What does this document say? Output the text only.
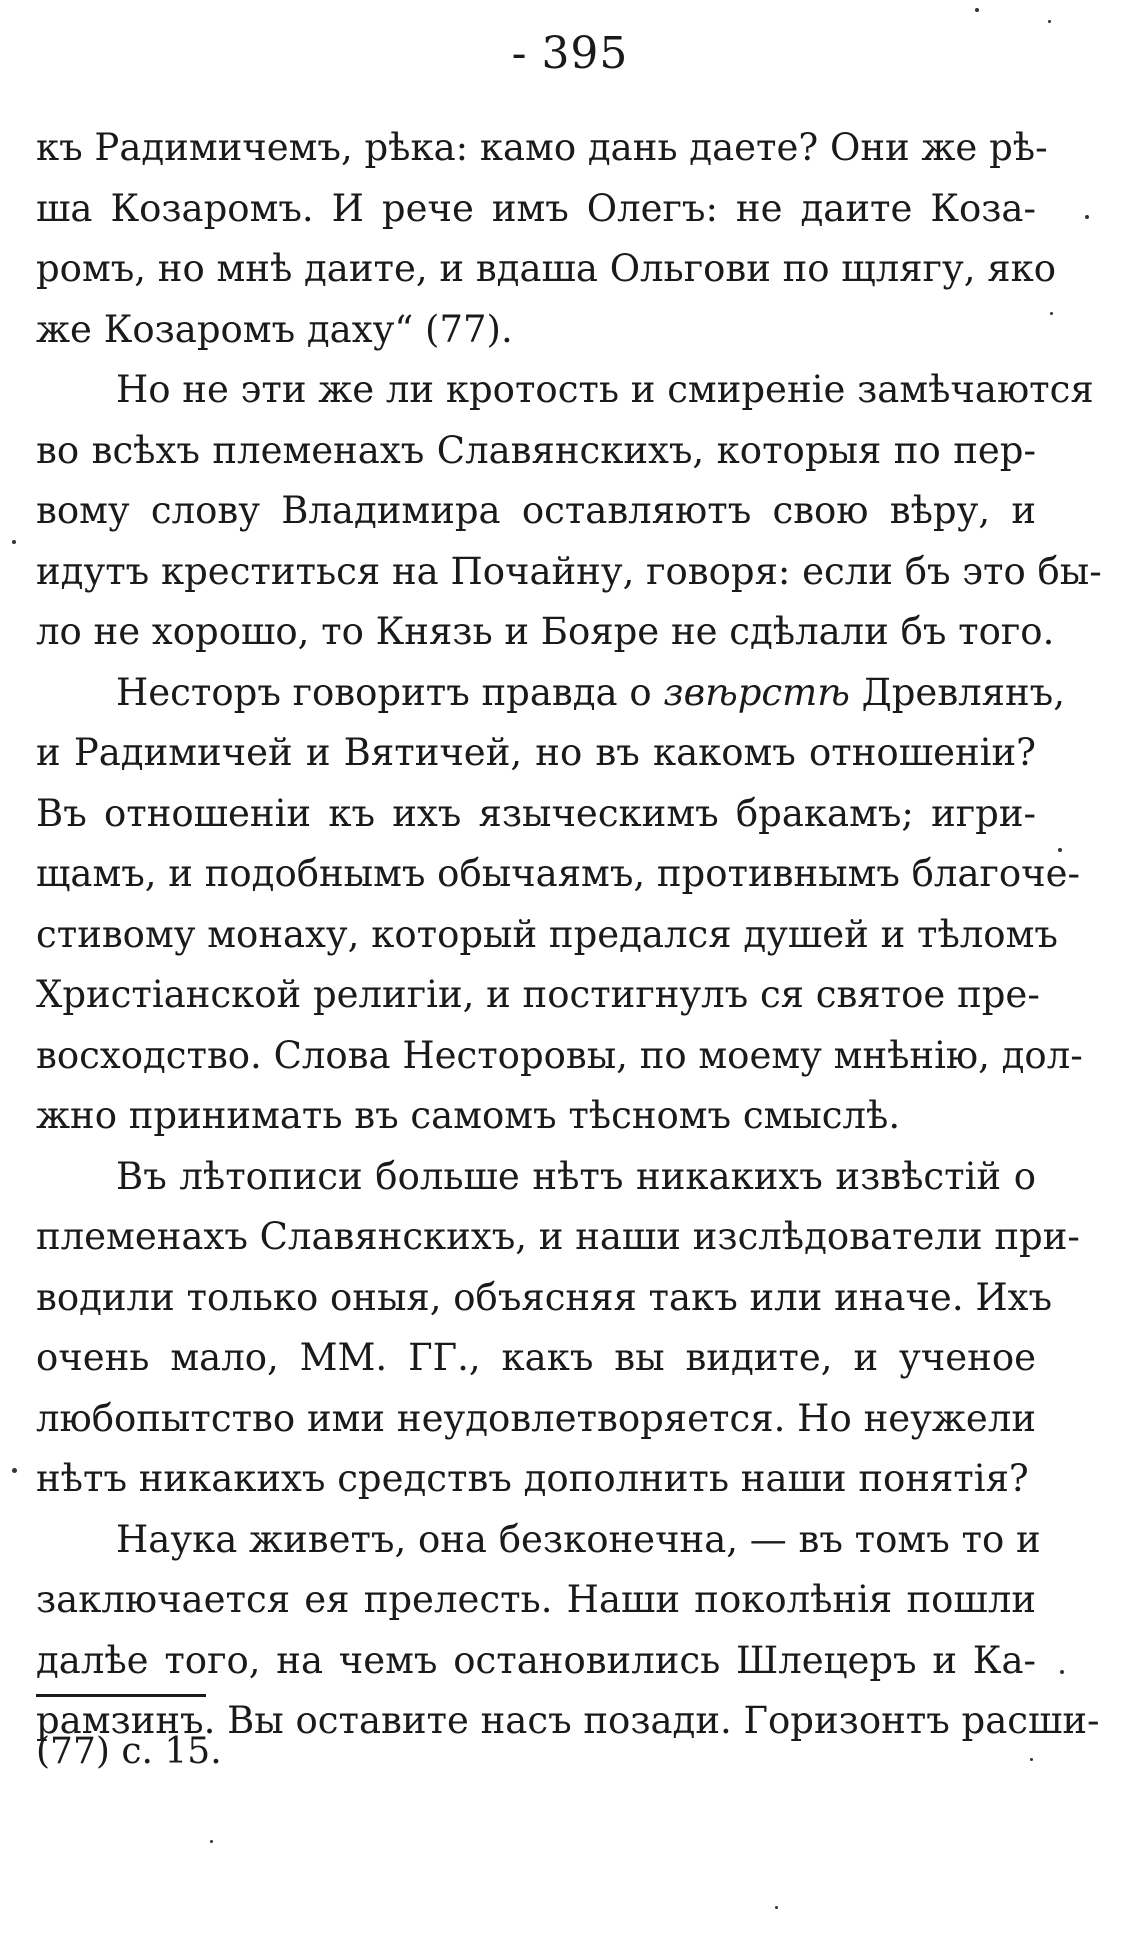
- 395
къ Радимичемъ, рѣка: камо дань даете? Они же рѣ-
ша Козаромъ. И рече имъ Олегъ: не даите Коза-
ромъ, но мнѣ даите, и вдаша Ольгови по щлягу, яко
же Козаромъ даху“ (77).
Но не эти же ли кротость и смиреніе замѣчаются
во всѣхъ племенахъ Славянскихъ, которыя по пер-
вому слову Владимира оставляютъ свою вѣру, и
идутъ креститься на Почайну, говоря: если бъ это бы-
ло не хорошо, то Князь и Бояре не сдѣлали бъ того.
Несторъ говоритъ правда о звѣрстѣ Древлянъ,
и Радимичей и Вятичей, но въ какомъ отношеніи?
Въ отношеніи къ ихъ языческимъ бракамъ; игри-
щамъ, и подобнымъ обычаямъ, противнымъ благоче-
стивому монаху, который предался душей и тѣломъ
Христіанской религіи, и постигнулъ ся святое пре-
восходство. Слова Несторовы, по моему мнѣнію, дол-
жно принимать въ самомъ тѣсномъ смыслѣ.
Въ лѣтописи больше нѣтъ никакихъ извѣстій о
племенахъ Славянскихъ, и наши изслѣдователи при-
водили только оныя, объясняя такъ или иначе. Ихъ
очень мало, ММ. ГГ., какъ вы видите, и ученое
любопытство ими неудовлетворяется. Но неужели
нѣтъ никакихъ средствъ дополнить наши понятія?
Наука живетъ, она безконечна, — въ томъ то и
заключается ея прелесть. Наши поколѣнія пошли
далѣе того, на чемъ остановились Шлецеръ и Ка-
рамзинъ. Вы оставите насъ позади. Горизонтъ расши-
(77) с. 15.
